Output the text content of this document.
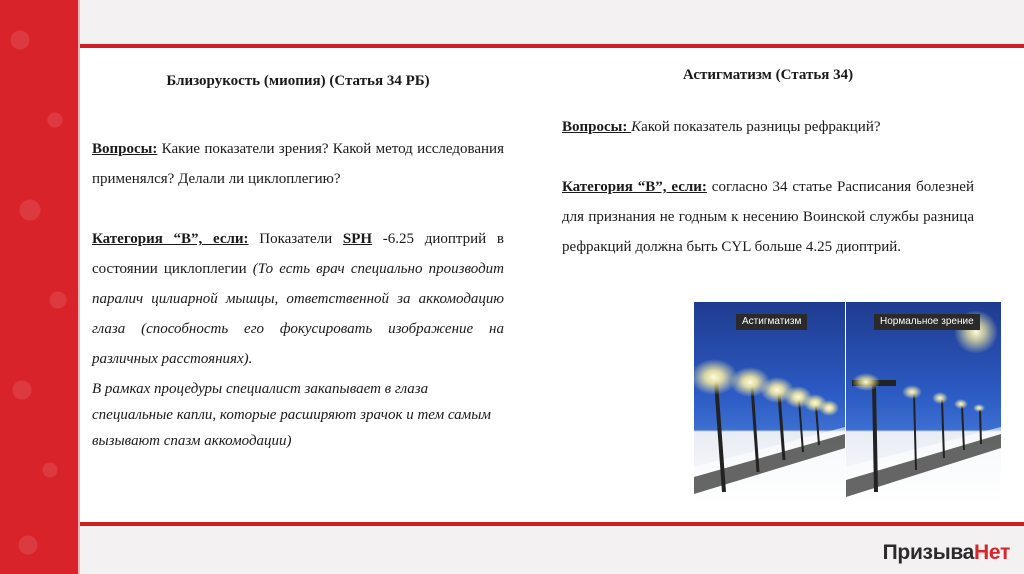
ПризываНет
Близорукость (миопия) (Статья 34 РБ)
Вопросы: Какие показатели зрения? Какой метод исследования применялся? Делали ли циклоплегию?
Категория “В”, если: Показатели SPH -6.25 диоптрий в состоянии циклоплегии (То есть врач специально производит паралич цилиарной мышцы, ответственной за аккомодацию глаза (способность его фокусировать изображение на различных расстояниях).
В рамках процедуры специалист закапывает в глаза специальные капли, которые расширяют зрачок и тем самым вызывают спазм аккомодации)
Астигматизм (Статья 34)
Вопросы: Какой показатель разницы рефракций?
Категория “В”, если: согласно 34 статье Расписания болезней для признания не годным к несению Воинской службы разница рефракций должна быть CYL больше 4.25 диоптрий.
Астигматизм	Нормальное зрение
